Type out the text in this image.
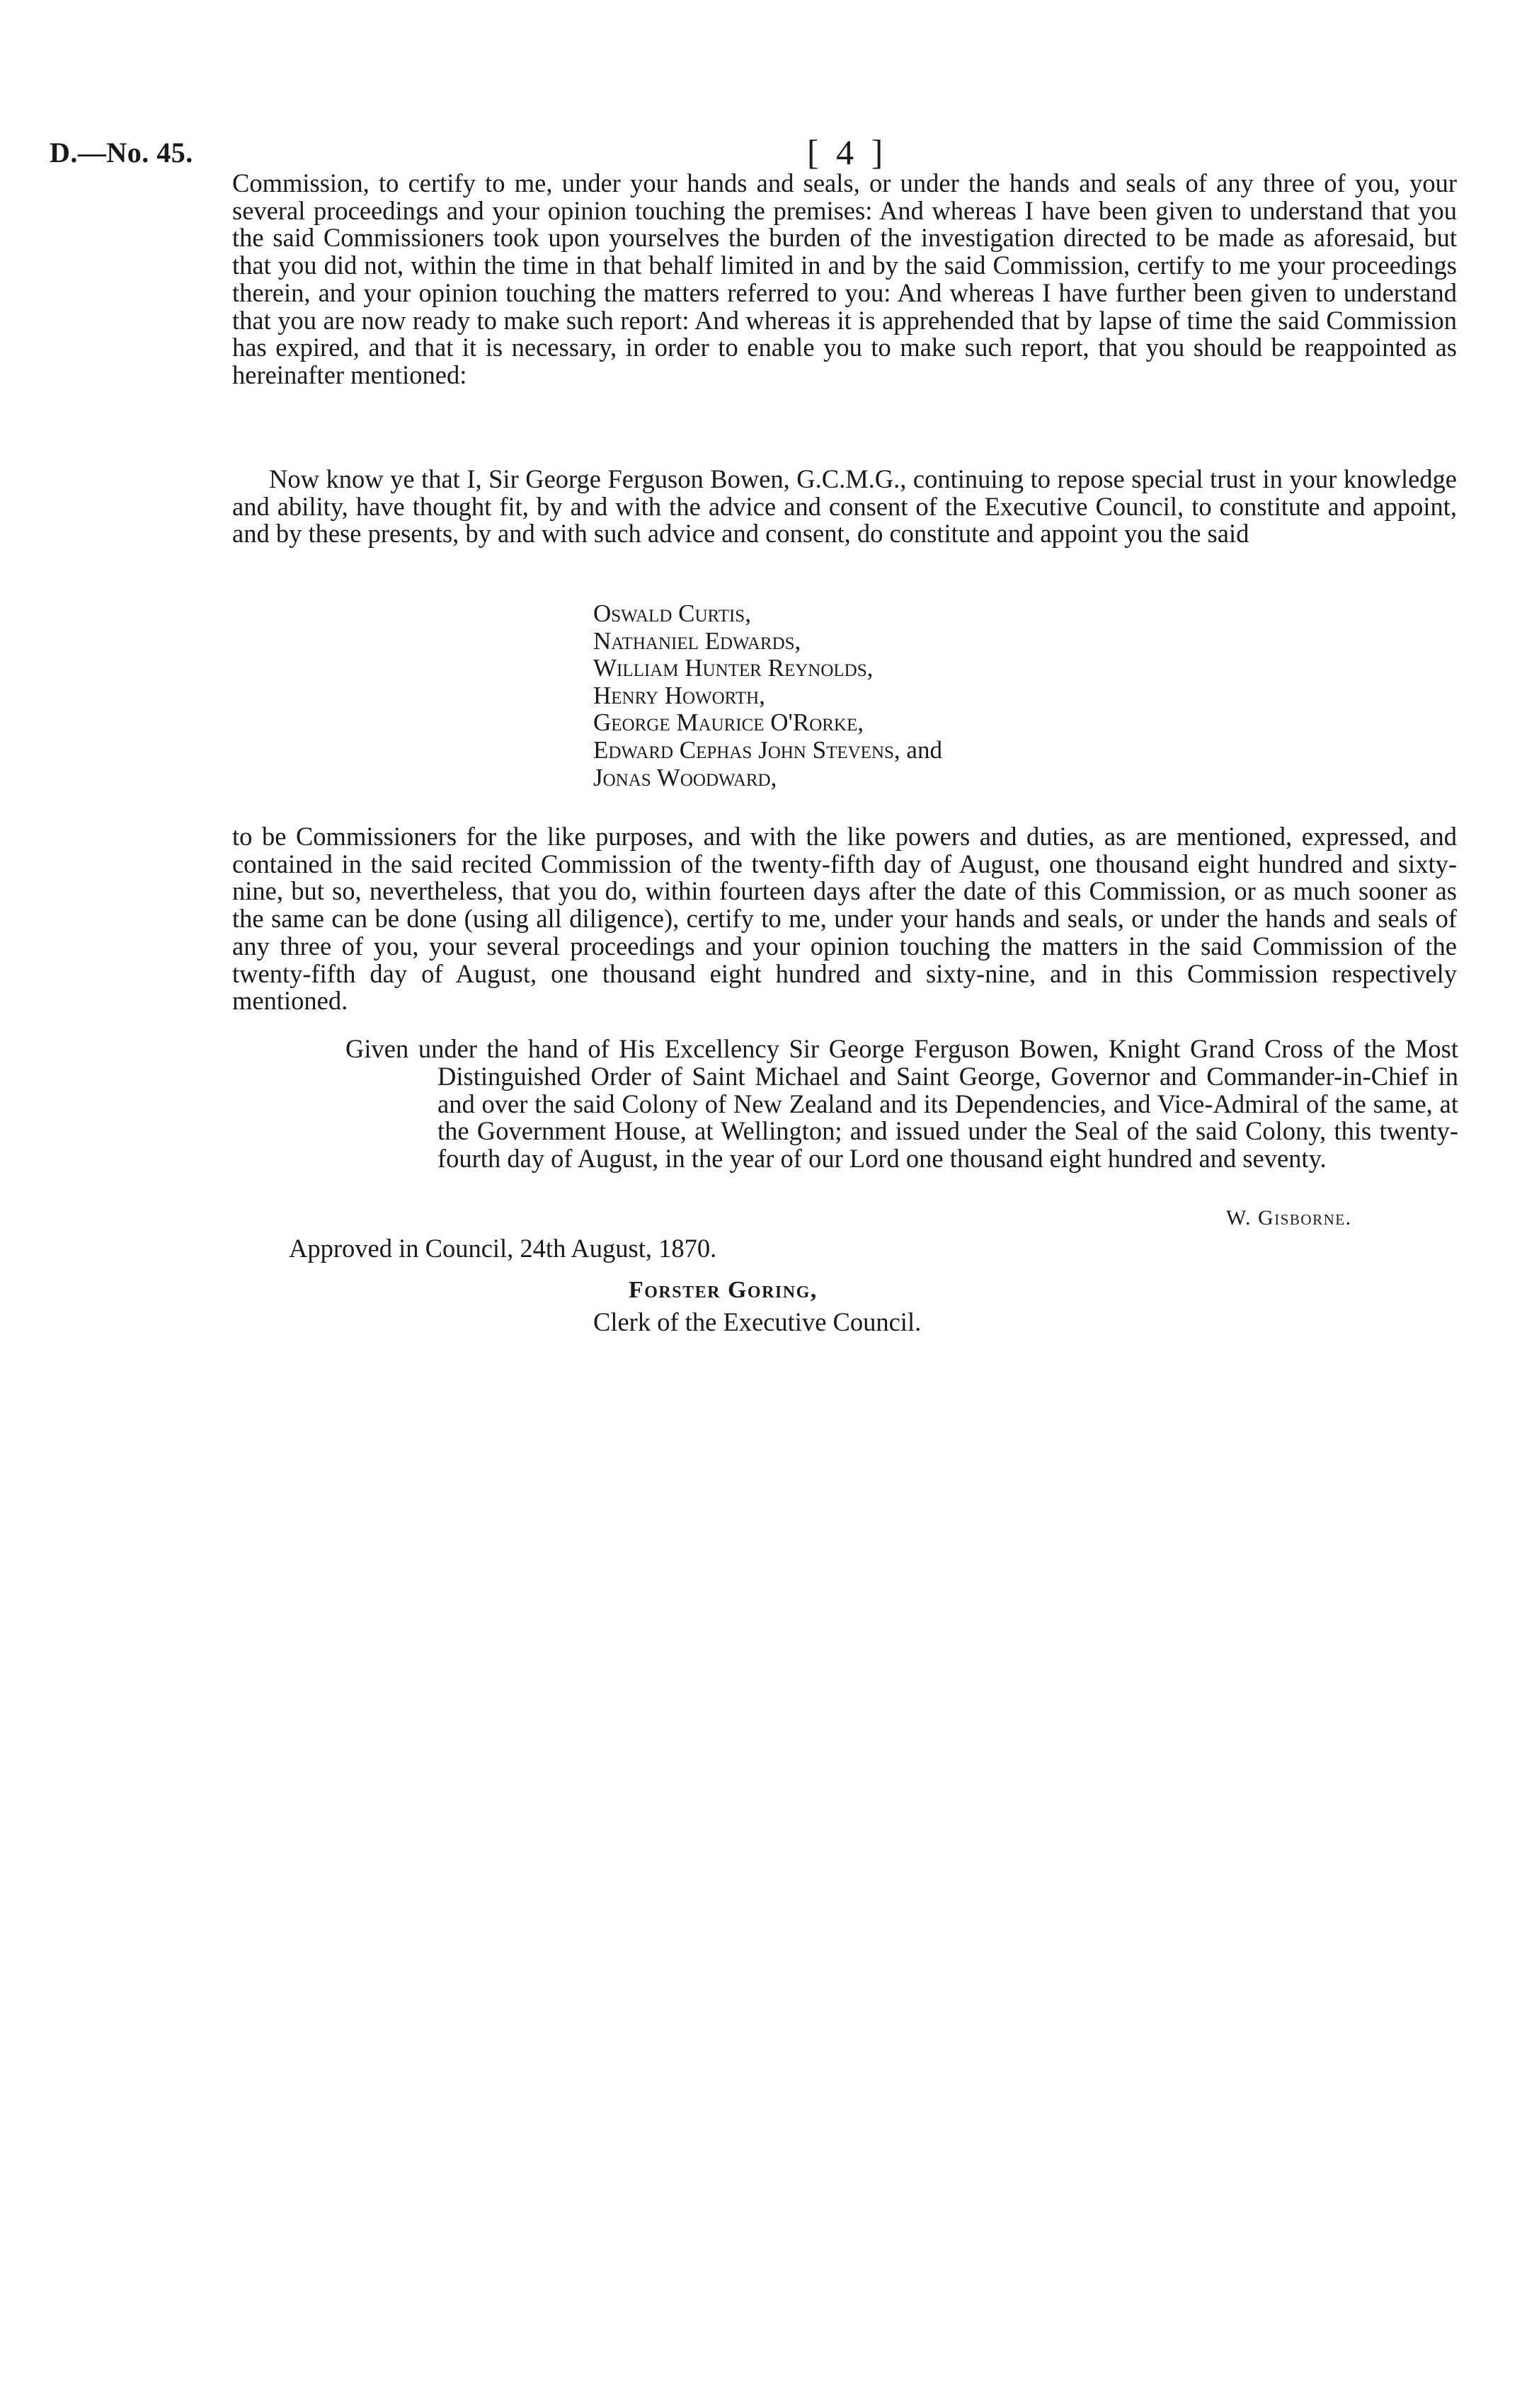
D.—No. 45.	[ 4 ]
Commission, to certify to me, under your hands and seals, or under the hands and seals of any three of you, your several proceedings and your opinion touching the premises: And whereas I have been given to understand that you the said Commissioners took upon yourselves the burden of the investigation directed to be made as aforesaid, but that you did not, within the time in that behalf limited in and by the said Commission, certify to me your proceedings therein, and your opinion touching the matters referred to you: And whereas I have further been given to understand that you are now ready to make such report: And whereas it is apprehended that by lapse of time the said Commission has expired, and that it is necessary, in order to enable you to make such report, that you should be reappointed as hereinafter mentioned:
Now know ye that I, Sir George Ferguson Bowen, G.C.M.G., continuing to repose special trust in your knowledge and ability, have thought fit, by and with the advice and consent of the Executive Council, to constitute and appoint, and by these presents, by and with such advice and consent, do constitute and appoint you the said
Oswald Curtis,
Nathaniel Edwards,
William Hunter Reynolds,
Henry Howorth,
George Maurice O'Rorke,
Edward Cephas John Stevens, and
Jonas Woodward,
to be Commissioners for the like purposes, and with the like powers and duties, as are mentioned, expressed, and contained in the said recited Commission of the twenty-fifth day of August, one thousand eight hundred and sixty-nine, but so, nevertheless, that you do, within fourteen days after the date of this Commission, or as much sooner as the same can be done (using all diligence), certify to me, under your hands and seals, or under the hands and seals of any three of you, your several proceedings and your opinion touching the matters in the said Commission of the twenty-fifth day of August, one thousand eight hundred and sixty-nine, and in this Commission respectively mentioned.
Given under the hand of His Excellency Sir George Ferguson Bowen, Knight Grand Cross of the Most Distinguished Order of Saint Michael and Saint George, Governor and Commander-in-Chief in and over the said Colony of New Zealand and its Dependencies, and Vice-Admiral of the same, at the Government House, at Wellington; and issued under the Seal of the said Colony, this twenty-fourth day of August, in the year of our Lord one thousand eight hundred and seventy.
W. Gisborne.
Approved in Council, 24th August, 1870.
Forster Goring,
Clerk of the Executive Council.
